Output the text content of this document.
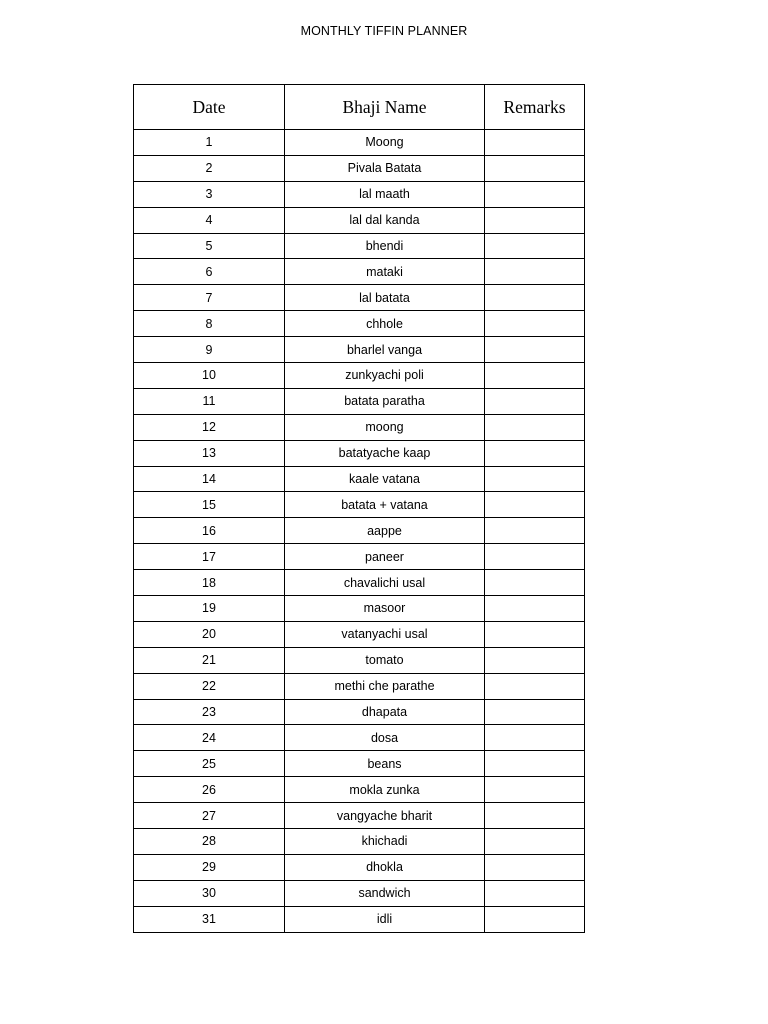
MONTHLY TIFFIN PLANNER
Date	Bhaji Name	Remarks
1	Moong	
2	Pivala Batata	
3	lal maath	
4	lal dal kanda	
5	bhendi	
6	mataki	
7	lal batata	
8	chhole	
9	bharlel vanga	
10	zunkyachi poli	
11	batata paratha	
12	moong	
13	batatyache kaap	
14	kaale vatana	
15	batata + vatana	
16	aappe	
17	paneer	
18	chavalichi usal	
19	masoor	
20	vatanyachi usal	
21	tomato	
22	methi che parathe	
23	dhapata	
24	dosa	
25	beans	
26	mokla zunka	
27	vangyache bharit	
28	khichadi	
29	dhokla	
30	sandwich	
31	idli	
